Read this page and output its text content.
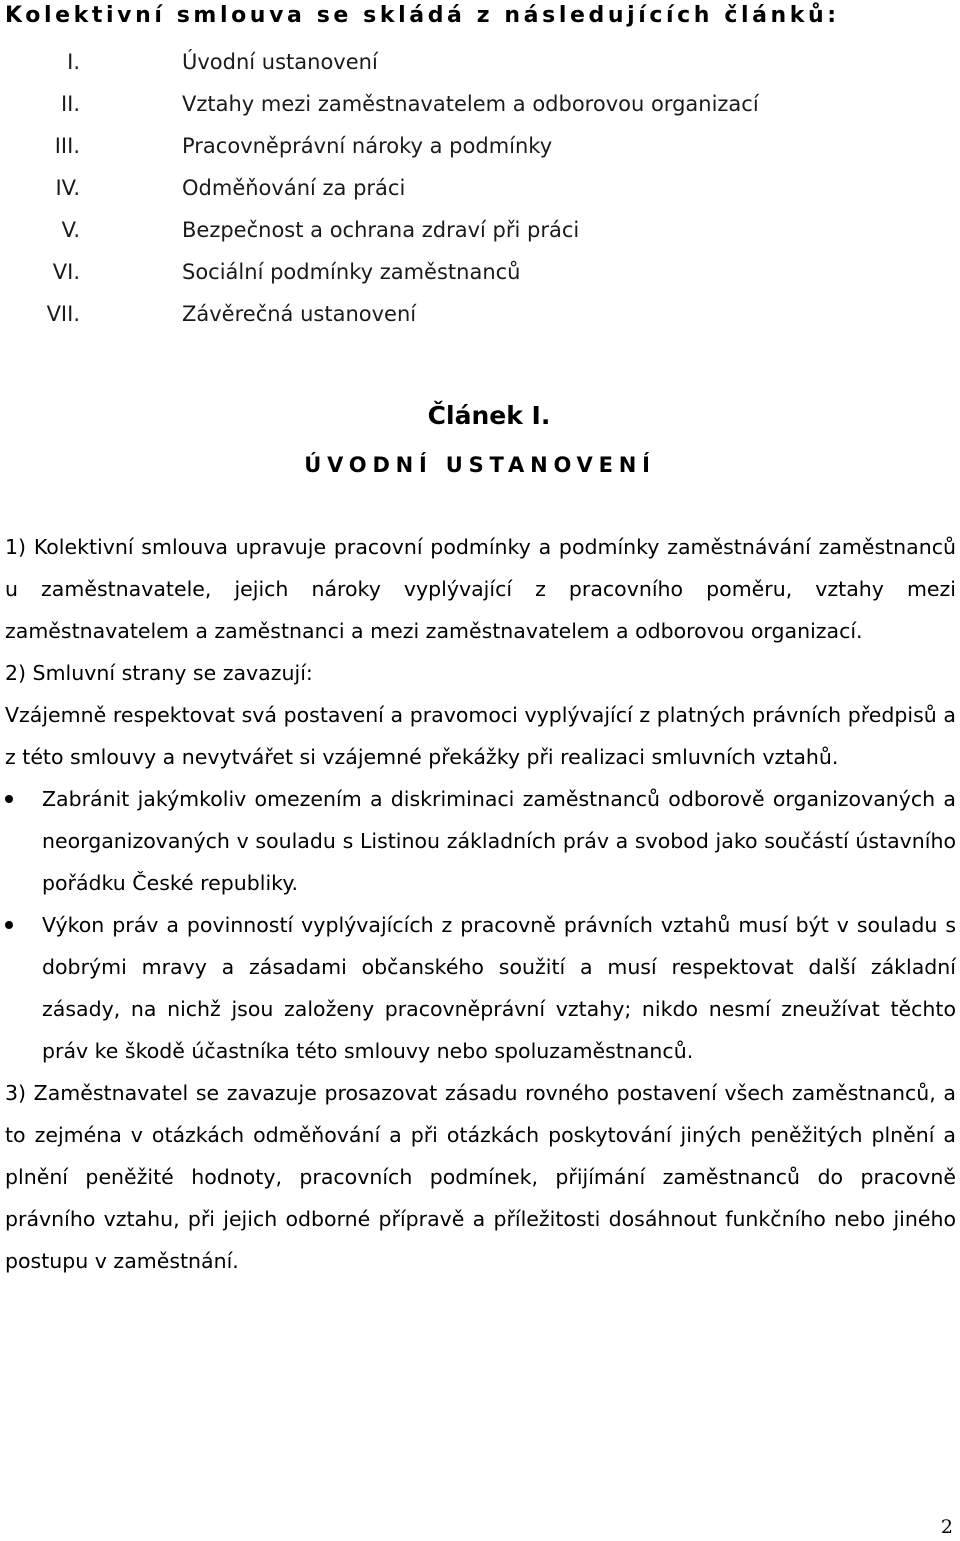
Kolektivní smlouva se skládá z následujících článků:
I.	Úvodní ustanovení
II.	Vztahy mezi zaměstnavatelem a odborovou organizací
III.	Pracovněprávní nároky a podmínky
IV.	Odměňování za práci
V.	Bezpečnost a ochrana zdraví při práci
VI.	Sociální podmínky zaměstnanců
VII.	Závěrečná ustanovení
Článek I.
ÚVODNÍ USTANOVENÍ

1) Kolektivní smlouva upravuje pracovní podmínky a podmínky zaměstnávání zaměstnanců u zaměstnavatele, jejich nároky vyplývající z pracovního poměru, vztahy mezi zaměstnavatelem a zaměstnanci a mezi zaměstnavatelem a odborovou organizací.

2) Smluvní strany se zavazují:

Vzájemně respektovat svá postavení a pravomoci vyplývající z platných právních předpisů a z této smlouvy a nevytvářet si vzájemné překážky při realizaci smluvních vztahů.

Zabránit jakýmkoliv omezením a diskriminaci zaměstnanců odborově organizovaných a neorganizovaných v souladu s Listinou základních práv a svobod jako součástí ústavního pořádku České republiky.
Výkon práv a povinností vyplývajících z pracovně právních vztahů musí být v souladu s dobrými mravy a zásadami občanského soužití a musí respektovat další základní zásady, na nichž jsou založeny pracovněprávní vztahy; nikdo nesmí zneužívat těchto práv ke škodě účastníka této smlouvy nebo spoluzaměstnanců.

3) Zaměstnavatel se zavazuje prosazovat zásadu rovného postavení všech zaměstnanců, a to zejména v otázkách odměňování a při otázkách poskytování jiných peněžitých plnění a plnění peněžité hodnoty, pracovních podmínek, přijímání zaměstnanců do pracovně právního vztahu, při jejich odborné přípravě a příležitosti dosáhnout funkčního nebo jiného postupu v zaměstnání.

2
